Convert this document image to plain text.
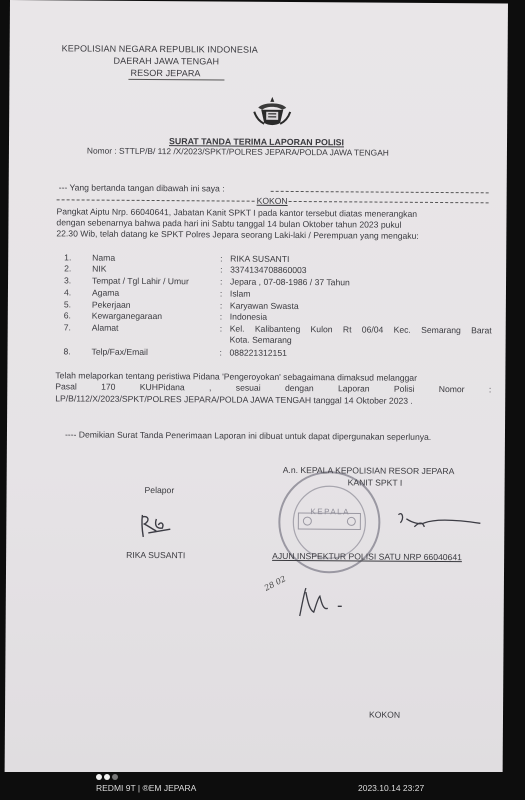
KEPOLISIAN NEGARA REPUBLIK INDONESIA
DAERAH JAWA TENGAH
RESOR JEPARA
SURAT TANDA TERIMA LAPORAN POLISI
Nomor : STTLP/B/ 112 /X/2023/SPKT/POLRES JEPARA/POLDA JAWA TENGAH
--- Yang bertanda tangan dibawah ini saya :
KOKON
Pangkat Aiptu Nrp. 66040641, Jabatan Kanit SPKT I pada kantor tersebut diatas menerangkan
dengan sebenarnya bahwa pada hari ini Sabtu tanggal 14 bulan Oktober tahun 2023 pukul
22.30 Wib, telah datang ke SPKT Polres Jepara seorang Laki-laki / Perempuan yang mengaku:
1. Nama	: RIKA SUSANTI
2. NIK	: 3374134708860003
3. Tempat / Tgl Lahir / Umur	: Jepara , 07-08-1986 / 37 Tahun
4. Agama	: Islam
5. Pekerjaan	: Karyawan Swasta
6. Kewarganegaraan	: Indonesia
7. Alamat	: Kel. Kalibanteng Kulon Rt 06/04 Kec. Semarang Barat
Kota. Semarang
8. Telp/Fax/Email	: 088221312151
Telah melaporkan tentang peristiwa Pidana 'Pengeroyokan' sebagaimana dimaksud melanggar
Pasal 170 KUHPidana , sesuai dengan Laporan Polisi Nomor :
LP/B/112/X/2023/SPKT/POLRES JEPARA/POLDA JAWA TENGAH tanggal 14 Oktober 2023 .
---- Demikian Surat Tanda Penerimaan Laporan ini dibuat untuk dapat dipergunakan seperlunya.
KEPALA
A.n. KEPALA KEPOLISIAN RESOR JEPARA
KANIT SPKT I
Pelapor
RIKA SUSANTI	AJUN INSPEKTUR POLISI SATU NRP 66040641
28 02
KOKON
REDMI 9T | ®EM JEPARA	2023.10.14 23:27
